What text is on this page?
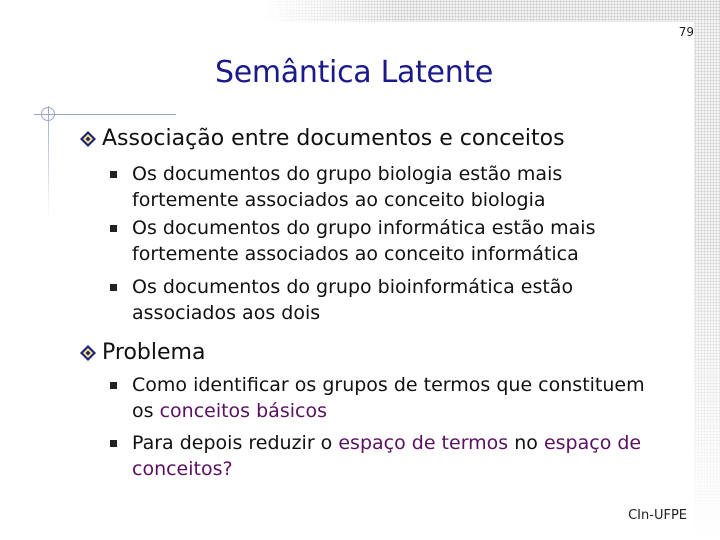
79
Semântica Latente
Associação entre documentos e conceitos
Os documentos do grupo biologia estão mais
fortemente associados ao conceito biologia
Os documentos do grupo informática estão mais
fortemente associados ao conceito informática
Os documentos do grupo bioinformática estão
associados aos dois
Problema
Como identificar os grupos de termos que constituem
os conceitos básicos
Para depois reduzir o espaço de termos no espaço de
conceitos?
CIn-UFPE
